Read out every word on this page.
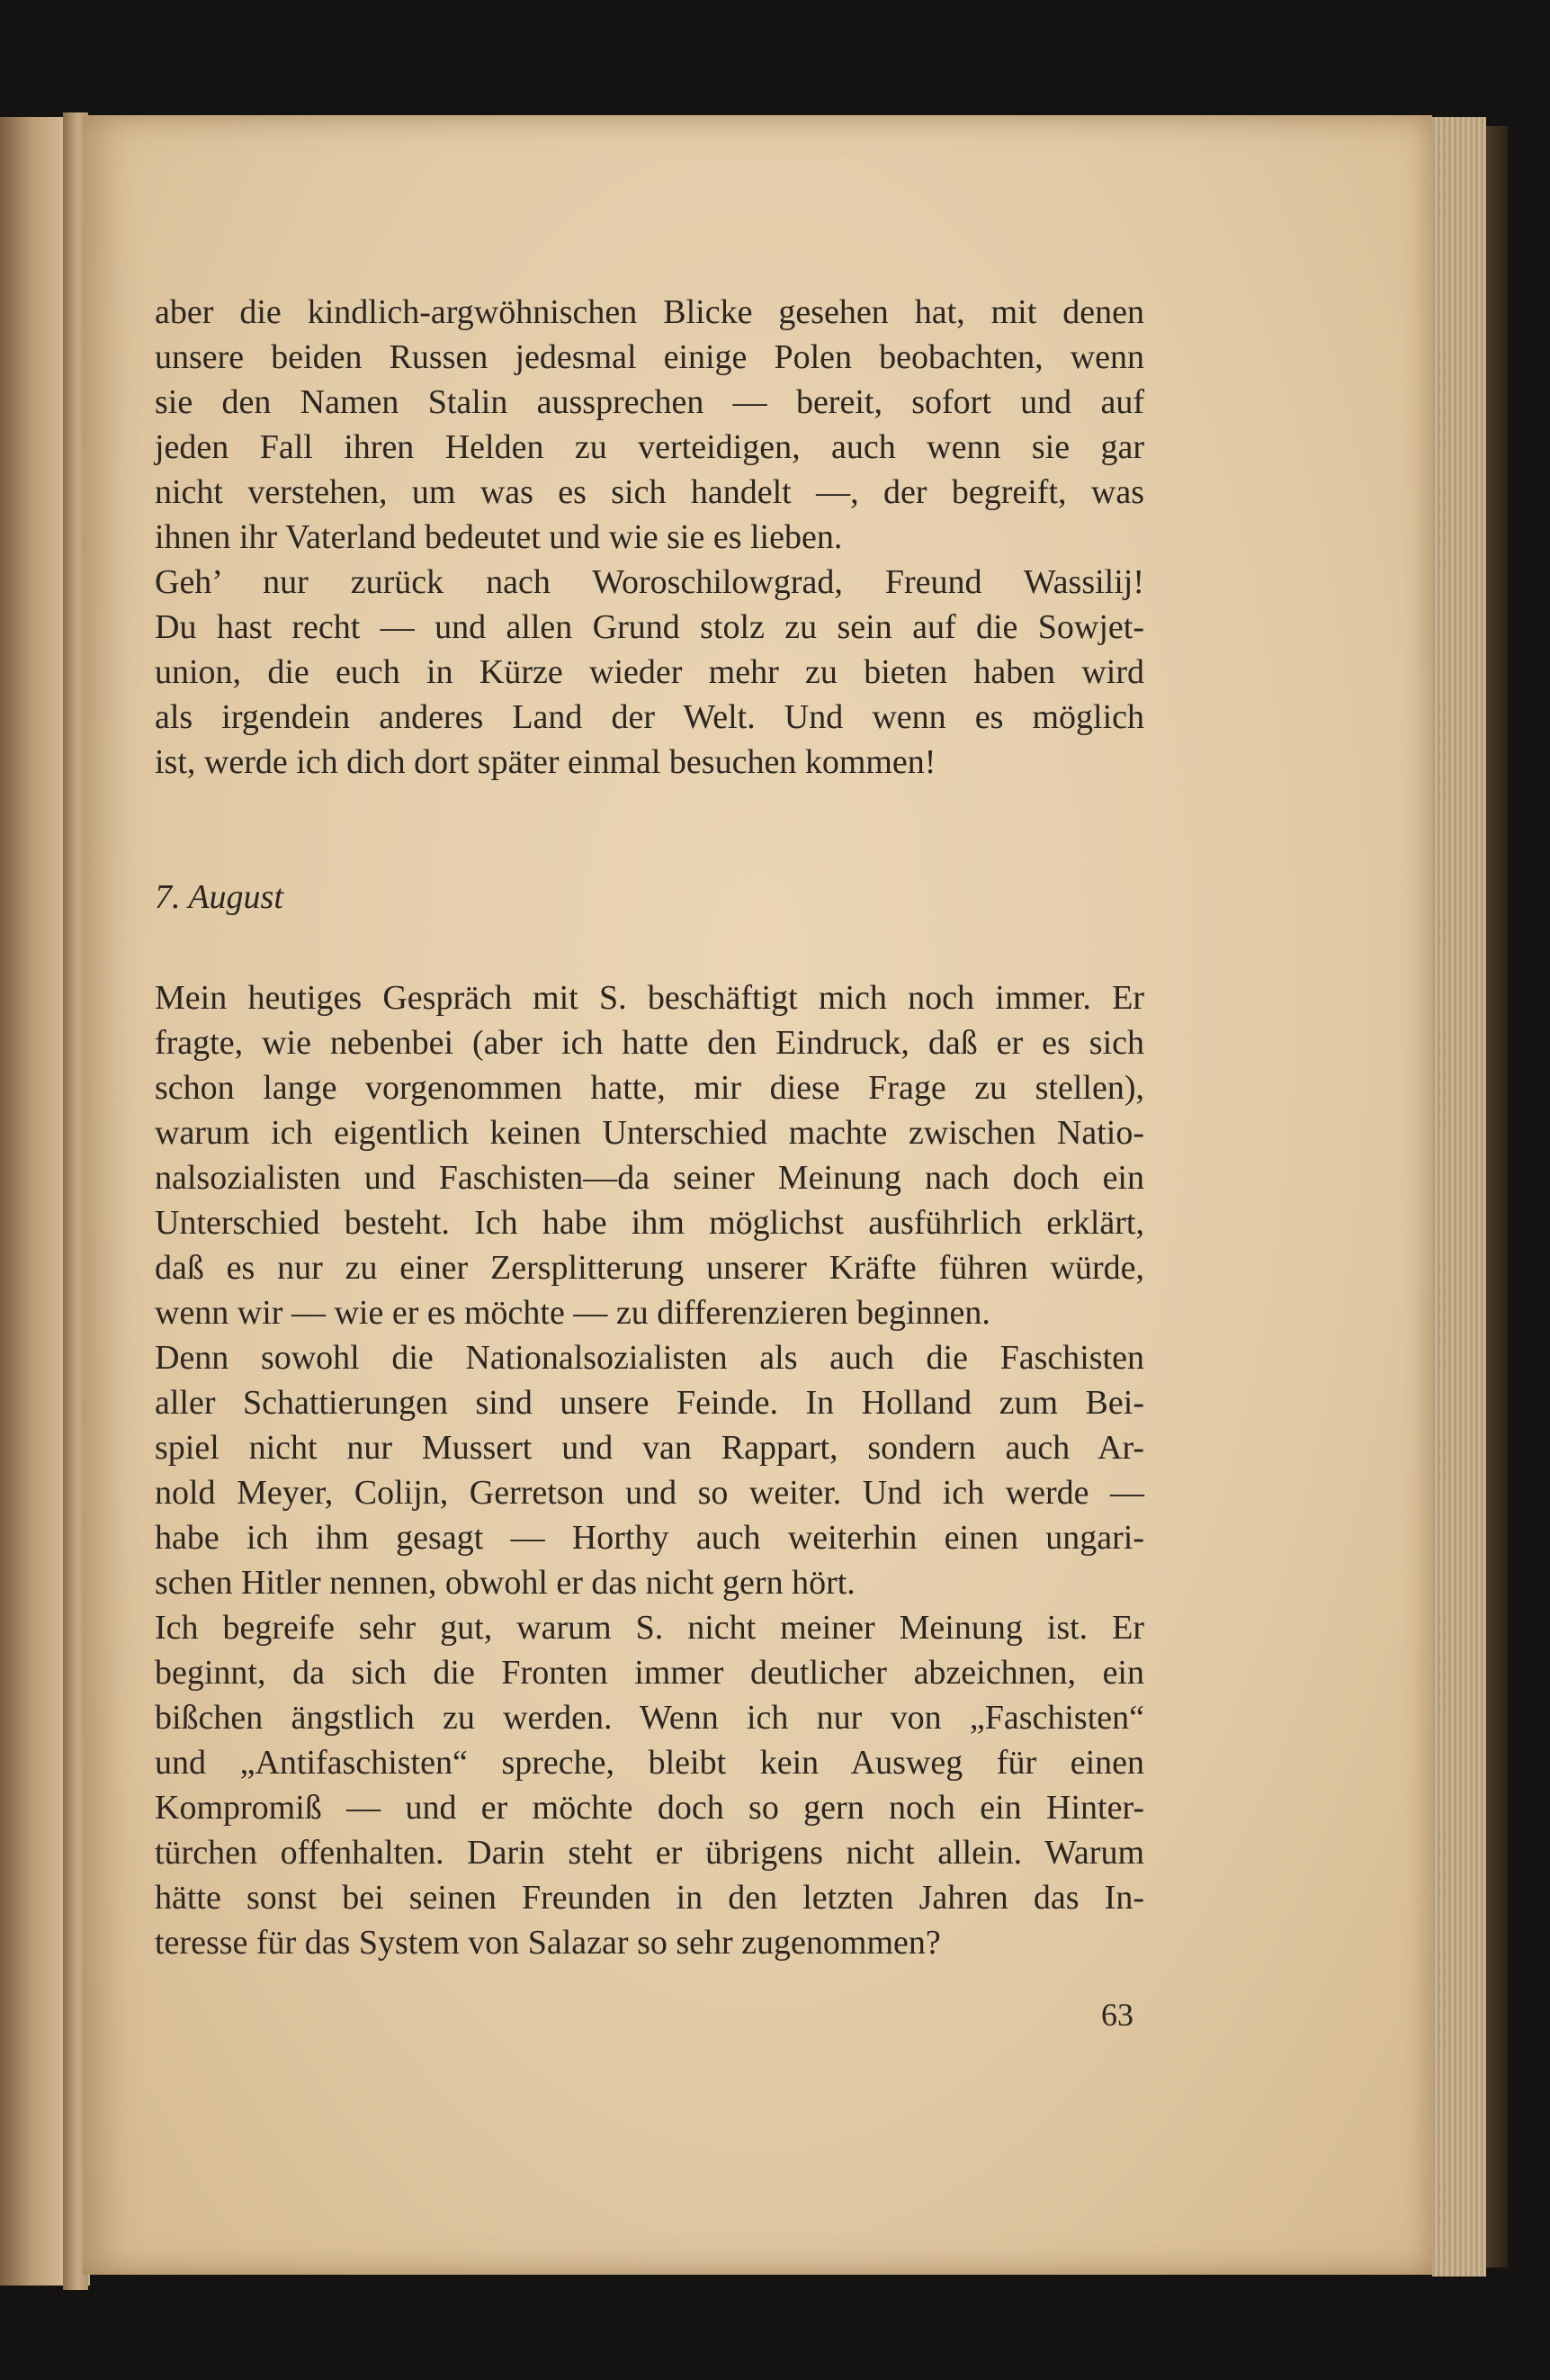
aber die kindlich-argwöhnischen Blicke gesehen hat, mit denen
unsere beiden Russen jedesmal einige Polen beobachten, wenn
sie den Namen Stalin aussprechen — bereit, sofort und auf
jeden Fall ihren Helden zu verteidigen, auch wenn sie gar
nicht verstehen, um was es sich handelt —, der begreift, was
ihnen ihr Vaterland bedeutet und wie sie es lieben.
Geh’ nur zurück nach Woroschilowgrad, Freund Wassilij!
Du hast recht — und allen Grund stolz zu sein auf die Sowjet-
union, die euch in Kürze wieder mehr zu bieten haben wird
als irgendein anderes Land der Welt. Und wenn es möglich
ist, werde ich dich dort später einmal besuchen kommen!
7. August
Mein heutiges Gespräch mit S. beschäftigt mich noch immer. Er
fragte, wie nebenbei (aber ich hatte den Eindruck, daß er es sich
schon lange vorgenommen hatte, mir diese Frage zu stellen),
warum ich eigentlich keinen Unterschied machte zwischen Natio-
nalsozialisten und Faschisten—da seiner Meinung nach doch ein
Unterschied besteht. Ich habe ihm möglichst ausführlich erklärt,
daß es nur zu einer Zersplitterung unserer Kräfte führen würde,
wenn wir — wie er es möchte — zu differenzieren beginnen.
Denn sowohl die Nationalsozialisten als auch die Faschisten
aller Schattierungen sind unsere Feinde. In Holland zum Bei-
spiel nicht nur Mussert und van Rappart, sondern auch Ar-
nold Meyer, Colijn, Gerretson und so weiter. Und ich werde —
habe ich ihm gesagt — Horthy auch weiterhin einen ungari-
schen Hitler nennen, obwohl er das nicht gern hört.
Ich begreife sehr gut, warum S. nicht meiner Meinung ist. Er
beginnt, da sich die Fronten immer deutlicher abzeichnen, ein
bißchen ängstlich zu werden. Wenn ich nur von „Faschisten“
und „Antifaschisten“ spreche, bleibt kein Ausweg für einen
Kompromiß — und er möchte doch so gern noch ein Hinter-
türchen offenhalten. Darin steht er übrigens nicht allein. Warum
hätte sonst bei seinen Freunden in den letzten Jahren das In-
teresse für das System von Salazar so sehr zugenommen?
63
